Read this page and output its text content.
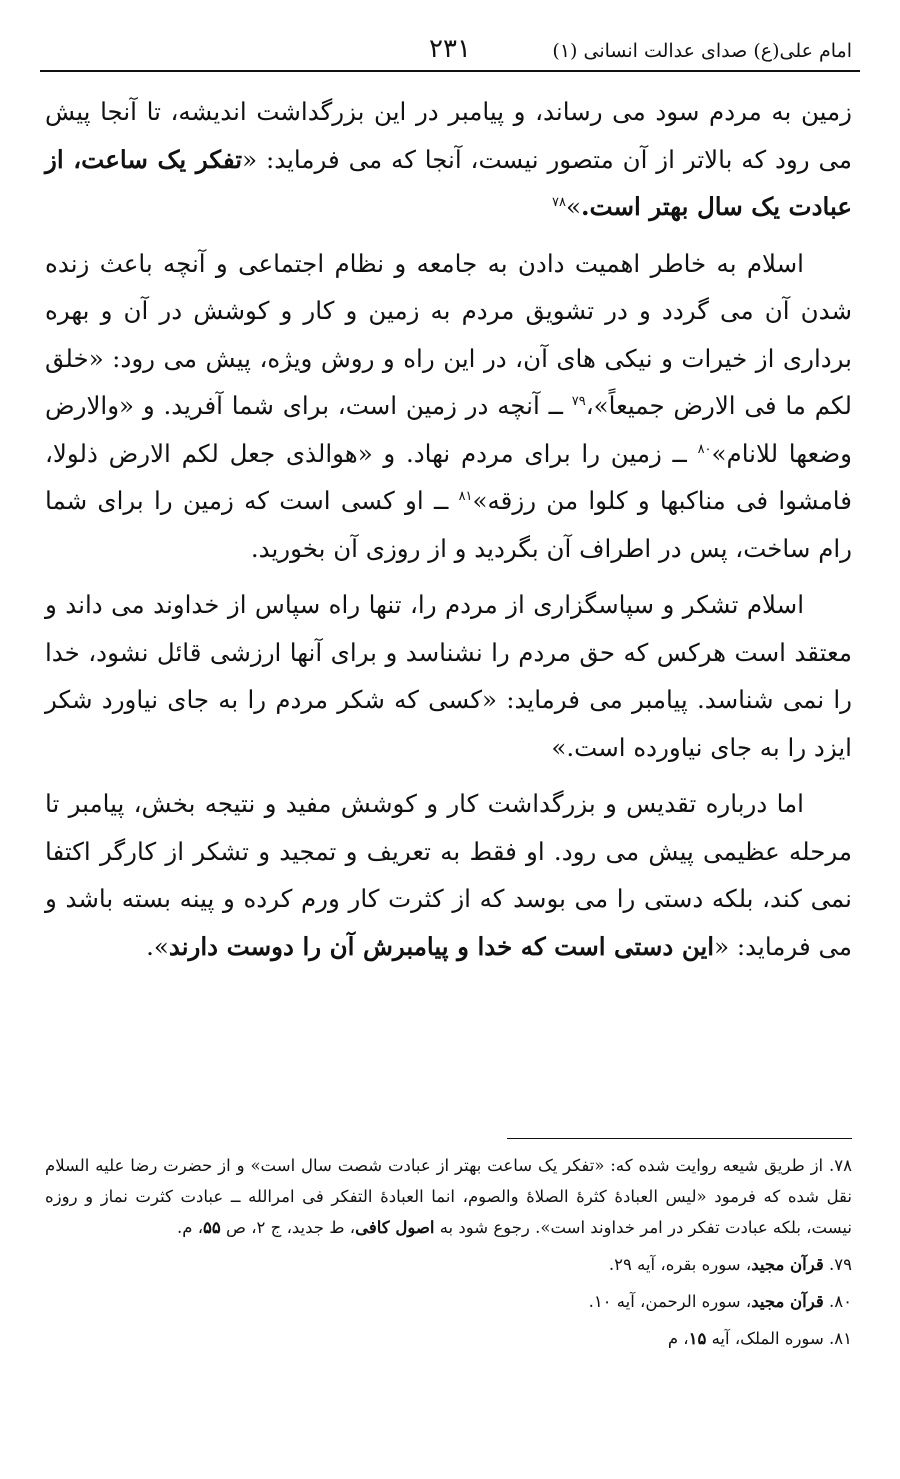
امام علی(ع) صدای عدالت انسانی (۱)
۲۳۱

زمین به مردم سود می رساند، و پیامبر در این بزرگداشت اندیشه، تا آنجا پیش می رود که بالاتر از آن متصور نیست، آنجا که می فرماید: «تفکر یک ساعت، از عبادت یک سال بهتر است.»$^{۷۸}$

اسلام به خاطر اهمیت دادن به جامعه و نظام اجتماعی و آنچه باعث زنده شدن آن می گردد و در تشویق مردم به زمین و کار و کوشش در آن و بهره برداری از خیرات و نیکی های آن، در این راه و روش ویژه، پیش می رود: «خلق لکم ما فی الارض جمیعاً»،$^{۷۹}$ ــ آنچه در زمین است، برای شما آفرید. و «والارض وضعها للانام»$^{۸۰}$ ــ زمین را برای مردم نهاد. و «هوالذی جعل لکم الارض ذلولا، فامشوا فی مناکبها و کلوا من رزقه»$^{۸۱}$ ــ او کسی است که زمین را برای شما رام ساخت، پس در اطراف آن بگردید و از روزی آن بخورید.

اسلام تشکر و سپاسگزاری از مردم را، تنها راه سپاس از خداوند می داند و معتقد است هرکس که حق مردم را نشناسد و برای آنها ارزشی قائل نشود، خدا را نمی شناسد. پیامبر می فرماید: «کسی که شکر مردم را به جای نیاورد شکر ایزد را به جای نیاورده است.»

اما درباره تقدیس و بزرگداشت کار و کوشش مفید و نتیجه بخش، پیامبر تا مرحله عظیمی پیش می رود. او فقط به تعریف و تمجید و تشکر از کارگر اکتفا نمی کند، بلکه دستی را می بوسد که از کثرت کار ورم کرده و پینه بسته باشد و می فرماید: «این دستی است که خدا و پیامبرش آن را دوست دارند».

۷۸. از طریق شیعه روایت شده که: «تفکر یک ساعت بهتر از عبادت شصت سال است» و از حضرت رضا علیه السلام نقل شده که فرمود «لیس العبادهٔ کثرهٔ الصلاهٔ والصوم، انما العبادهٔ التفکر فی امرالله ــ عبادت کثرت نماز و روزه نیست، بلکه عبادت تفکر در امر خداوند است». رجوع شود به اصول کافی، ط جدید، ج ۲، ص ۵۵، م.

۷۹. قرآن مجید، سوره بقره، آیه ۲۹.

۸۰. قرآن مجید، سوره الرحمن، آیه ۱۰.

۸۱. سوره الملک، آیه ۱۵، م
